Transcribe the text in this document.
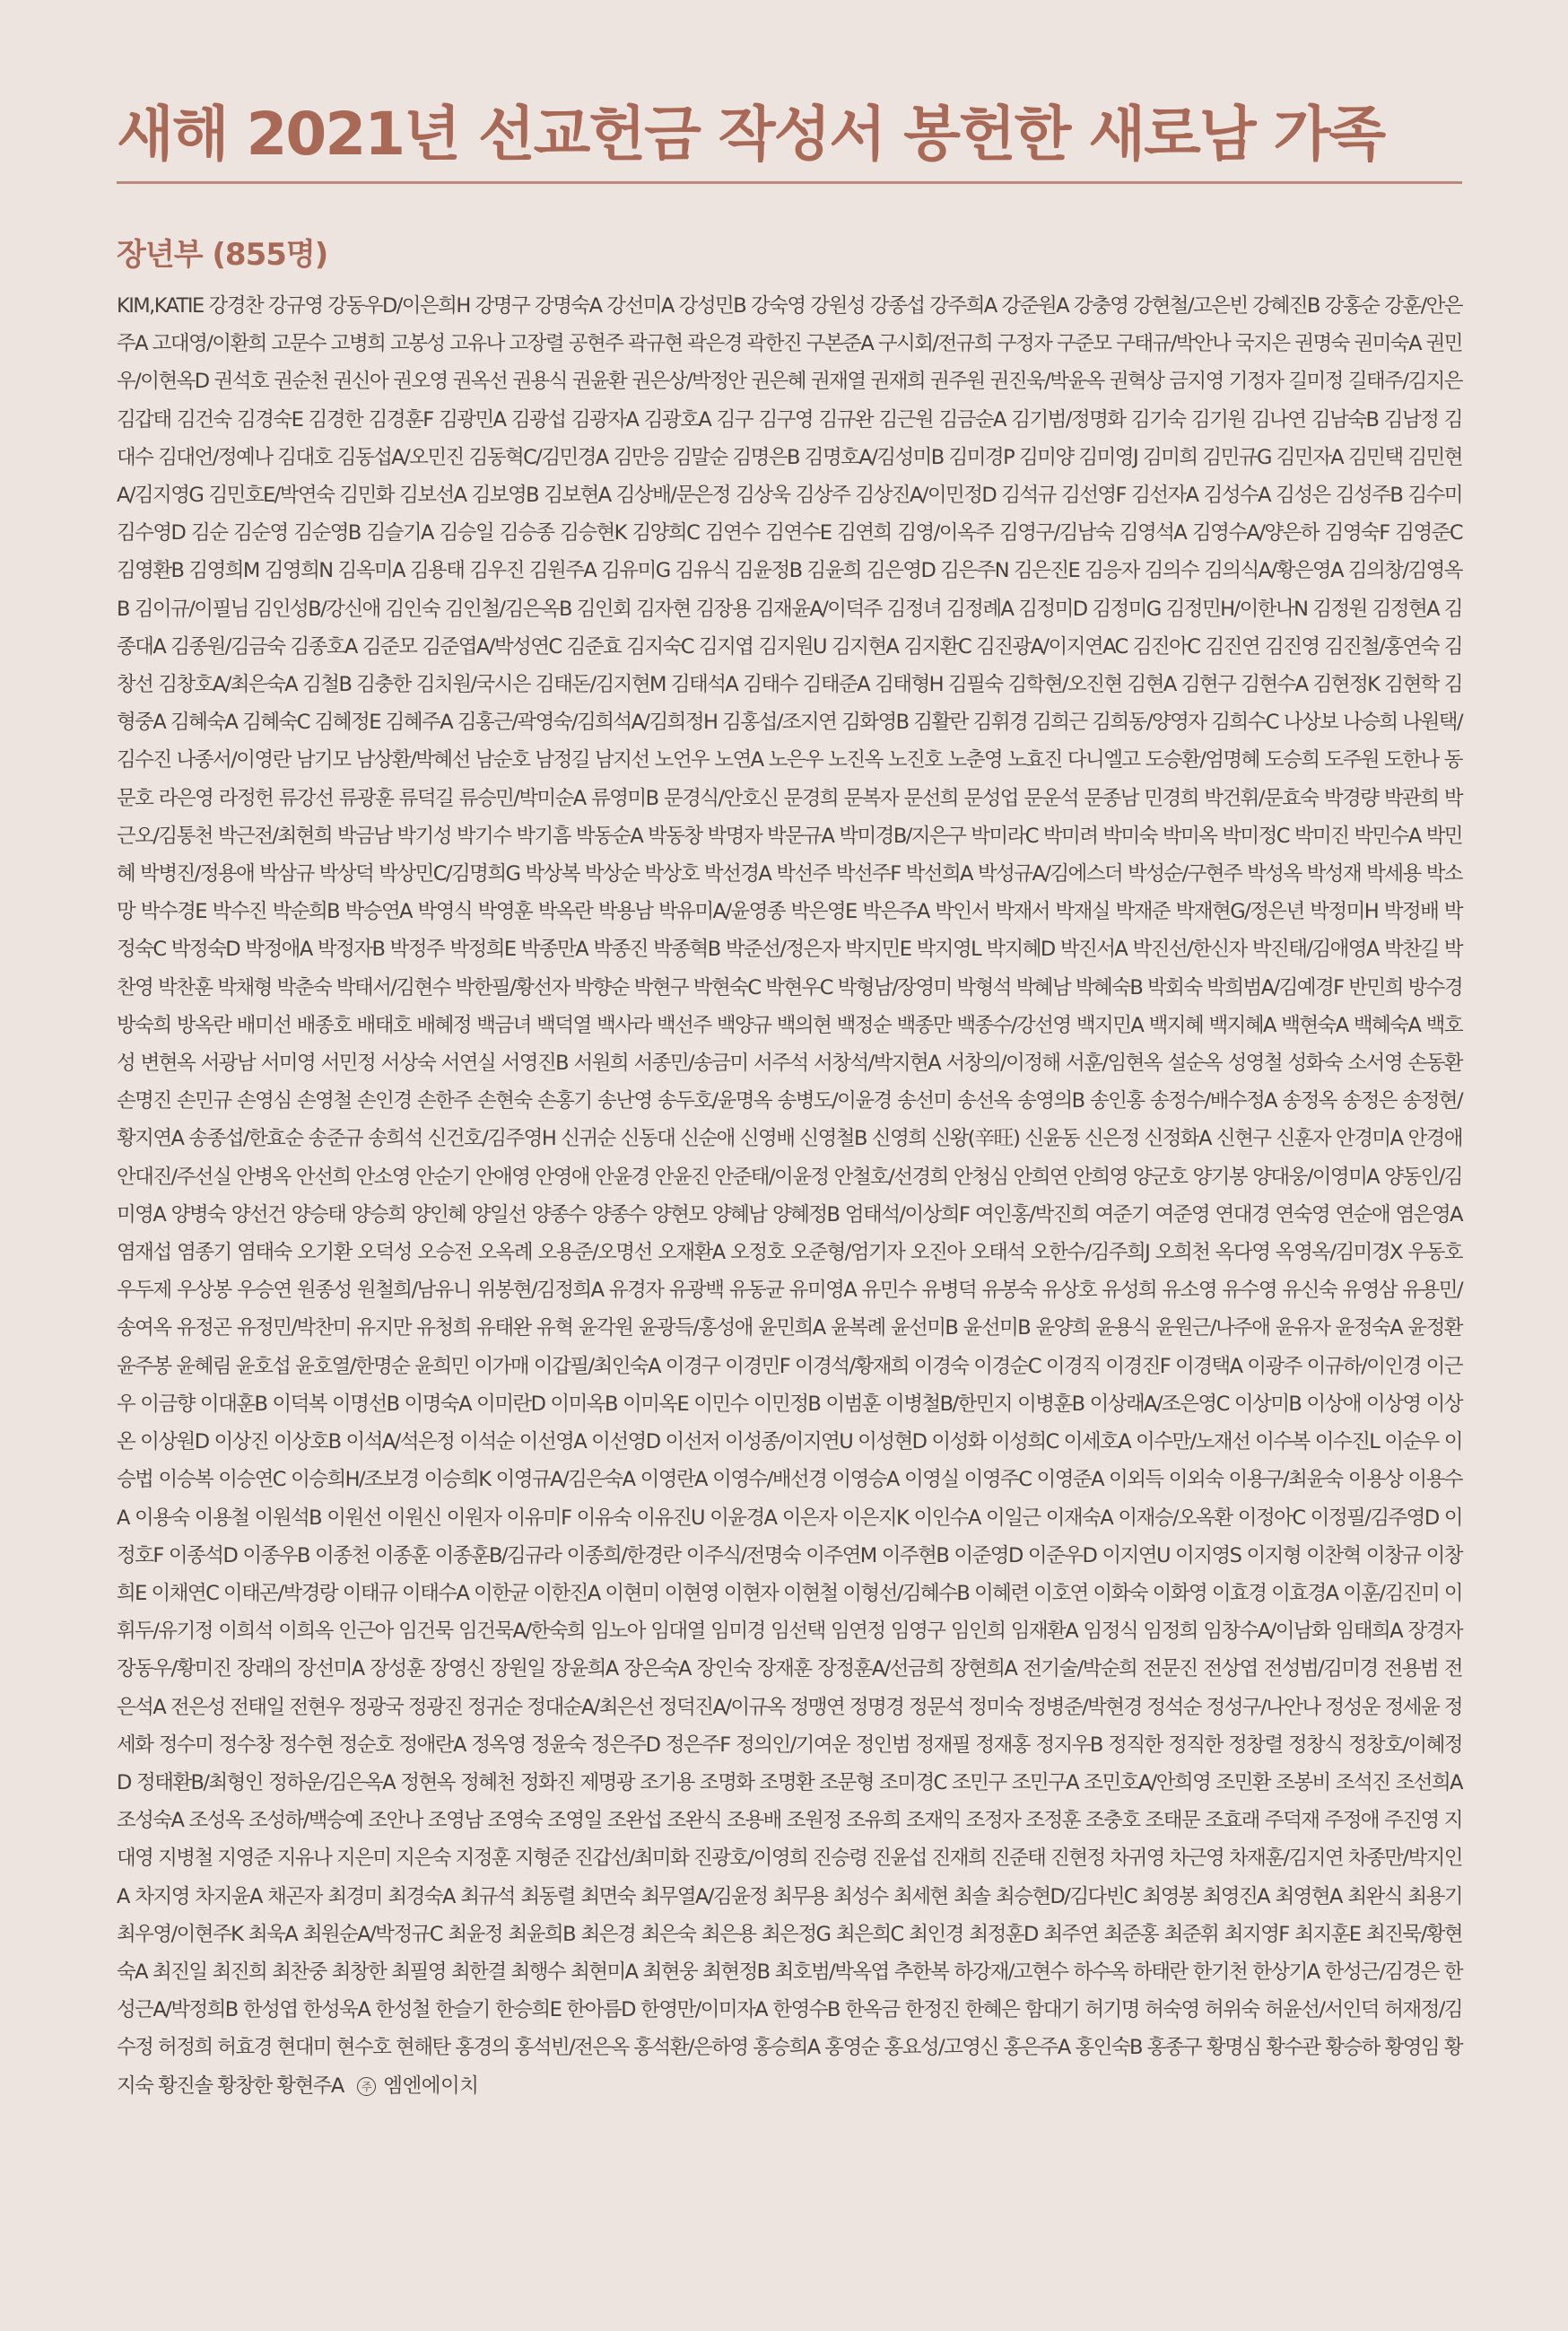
새해 2021년 선교헌금 작성서 봉헌한 새로남 가족
장년부 (855명)

KIM,KATIE 강경찬 강규영 강동우D/이은희H 강명구 강명숙A 강선미A 강성민B 강숙영 강원성 강종섭 강주희A 강준원A 강충영 강현철/고은빈 강혜진B 강홍순 강훈/안은주A 고대영/이환희 고문수 고병희 고봉성 고유나 고장렬 공현주 곽규현 곽은경 곽한진 구본준A 구시회/전규희 구정자 구준모 구태규/박안나 국지은 권명숙 권미숙A 권민우/이현옥D 권석호 권순천 권신아 권오영 권옥선 권용식 권윤환 권은상/박정안 권은혜 권재열 권재희 권주원 권진욱/박윤옥 권혁상 금지영 기정자 길미정 길태주/김지은 김갑태 김건숙 김경숙E 김경한 김경훈F 김광민A 김광섭 김광자A 김광호A 김구 김구영 김규완 김근원 김금순A 김기범/정명화 김기숙 김기원 김나연 김남숙B 김남정 김대수 김대언/정예나 김대호 김동섭A/오민진 김동혁C/김민경A 김만응 김말순 김명은B 김명호A/김성미B 김미경P 김미양 김미영J 김미희 김민규G 김민자A 김민택 김민현A/김지영G 김민호E/박연숙 김민화 김보선A 김보영B 김보현A 김상배/문은정 김상욱 김상주 김상진A/이민정D 김석규 김선영F 김선자A 김성수A 김성은 김성주B 김수미 김수영D 김순 김순영 김순영B 김슬기A 김승일 김승종 김승현K 김양희C 김연수 김연수E 김연희 김영/이옥주 김영구/김남숙 김영석A 김영수A/양은하 김영숙F 김영준C 김영환B 김영희M 김영희N 김옥미A 김용태 김우진 김원주A 김유미G 김유식 김윤정B 김윤희 김은영D 김은주N 김은진E 김응자 김의수 김의식A/황은영A 김의창/김영옥B 김이규/이필님 김인성B/강신애 김인숙 김인철/김은옥B 김인회 김자현 김장용 김재윤A/이덕주 김정녀 김정례A 김정미D 김정미G 김정민H/이한나N 김정원 김정현A 김종대A 김종원/김금숙 김종호A 김준모 김준엽A/박성연C 김준효 김지숙C 김지엽 김지원U 김지현A 김지환C 김진광A/이지연AC 김진아C 김진연 김진영 김진철/홍연숙 김창선 김창호A/최은숙A 김철B 김충한 김치원/국시은 김태돈/김지현M 김태석A 김태수 김태준A 김태형H 김필숙 김학현/오진현 김현A 김현구 김현수A 김현정K 김현학 김형중A 김혜숙A 김혜숙C 김혜정E 김혜주A 김홍근/곽영숙/김희석A/김희정H 김홍섭/조지연 김화영B 김활란 김휘경 김희근 김희동/양영자 김희수C 나상보 나승희 나원택/김수진 나종서/이영란 남기모 남상환/박혜선 남순호 남정길 남지선 노언우 노연A 노은우 노진옥 노진호 노춘영 노효진 다니엘고 도승환/엄명혜 도승희 도주원 도한나 동문호 라은영 라정헌 류강선 류광훈 류덕길 류승민/박미순A 류영미B 문경식/안호신 문경희 문복자 문선희 문성업 문운석 문종남 민경희 박건휘/문효숙 박경량 박관희 박근오/김통천 박근전/최현희 박금남 박기성 박기수 박기흠 박동순A 박동창 박명자 박문규A 박미경B/지은구 박미라C 박미려 박미숙 박미옥 박미정C 박미진 박민수A 박민혜 박병진/정용애 박삼규 박상덕 박상민C/김명희G 박상복 박상순 박상호 박선경A 박선주 박선주F 박선희A 박성규A/김에스더 박성순/구현주 박성옥 박성재 박세용 박소망 박수경E 박수진 박순희B 박승연A 박영식 박영훈 박옥란 박용남 박유미A/윤영종 박은영E 박은주A 박인서 박재서 박재실 박재준 박재현G/정은년 박정미H 박정배 박정숙C 박정숙D 박정애A 박정자B 박정주 박정희E 박종만A 박종진 박종혁B 박준선/정은자 박지민E 박지영L 박지혜D 박진서A 박진선/한신자 박진태/김애영A 박찬길 박찬영 박찬훈 박채형 박춘숙 박태서/김현수 박한필/황선자 박향순 박현구 박현숙C 박현우C 박형남/장영미 박형석 박혜남 박혜숙B 박회숙 박희범A/김예경F 반민희 방수경 방숙희 방옥란 배미선 배종호 배태호 배혜정 백금녀 백덕열 백사라 백선주 백양규 백의현 백정순 백종만 백종수/강선영 백지민A 백지혜 백지혜A 백현숙A 백혜숙A 백호성 변현옥 서광남 서미영 서민정 서상숙 서연실 서영진B 서원희 서종민/송금미 서주석 서창석/박지현A 서창의/이정해 서훈/임현옥 설순옥 성영철 성화숙 소서영 손동환 손명진 손민규 손영심 손영철 손인경 손한주 손현숙 손홍기 송난영 송두호/윤명옥 송병도/이윤경 송선미 송선옥 송영의B 송인홍 송정수/배수정A 송정옥 송정은 송정현/황지연A 송종섭/한효순 송준규 송희석 신건호/김주영H 신귀순 신동대 신순애 신영배 신영철B 신영희 신왕(辛旺) 신윤동 신은정 신정화A 신현구 신훈자 안경미A 안경애 안대진/주선실 안병옥 안선희 안소영 안순기 안애영 안영애 안윤경 안윤진 안준태/이윤정 안철호/선경희 안청심 안희연 안희영 양군호 양기봉 양대웅/이영미A 양동인/김미영A 양병숙 양선건 양승태 양승희 양인혜 양일선 양종수 양종수 양현모 양혜남 양혜정B 엄태석/이상희F 여인홍/박진희 여준기 여준영 연대경 연숙영 연순애 염은영A 염재섭 염종기 염태숙 오기환 오덕성 오승전 오옥례 오용준/오명선 오재환A 오정호 오준형/엄기자 오진아 오태석 오한수/김주희J 오희천 옥다영 옥영옥/김미경X 우동호 우두제 우상봉 우승연 원종성 원철희/남유니 위봉현/김정희A 유경자 유광백 유동균 유미영A 유민수 유병덕 유봉숙 유상호 유성희 유소영 유수영 유신숙 유영삼 유용민/송여옥 유정곤 유정민/박찬미 유지만 유청희 유태완 유혁 윤각원 윤광득/홍성애 윤민희A 윤복례 윤선미B 윤선미B 윤양희 윤용식 윤원근/나주애 윤유자 윤정숙A 윤정환 윤주봉 윤혜림 윤호섭 윤호열/한명순 윤희민 이가매 이갑필/최인숙A 이경구 이경민F 이경석/황재희 이경숙 이경순C 이경직 이경진F 이경택A 이광주 이규하/이인경 이근우 이금향 이대훈B 이덕복 이명선B 이명숙A 이미란D 이미옥B 이미옥E 이민수 이민정B 이범훈 이병철B/한민지 이병훈B 이상래A/조은영C 이상미B 이상애 이상영 이상온 이상원D 이상진 이상호B 이석A/석은정 이석순 이선영A 이선영D 이선저 이성종/이지연U 이성현D 이성화 이성희C 이세호A 이수만/노재선 이수복 이수진L 이순우 이승법 이승복 이승연C 이승희H/조보경 이승희K 이영규A/김은숙A 이영란A 이영수/배선경 이영승A 이영실 이영주C 이영준A 이외득 이외숙 이용구/최윤숙 이용상 이용수A 이용숙 이용철 이원석B 이원선 이원신 이원자 이유미F 이유숙 이유진U 이윤경A 이은자 이은지K 이인수A 이일근 이재숙A 이재승/오옥환 이정아C 이정필/김주영D 이정호F 이종석D 이종우B 이종천 이종훈 이종훈B/김규라 이종희/한경란 이주식/전명숙 이주연M 이주현B 이준영D 이준우D 이지연U 이지영S 이지형 이찬혁 이창규 이창희E 이채연C 이태곤/박경랑 이태규 이태수A 이한균 이한진A 이현미 이현영 이현자 이현철 이형선/김혜수B 이혜련 이호연 이화숙 이화영 이효경 이효경A 이훈/김진미 이휘두/유기정 이희석 이희옥 인근아 임건묵 임건묵A/한숙희 임노아 임대열 임미경 임선택 임연정 임영구 임인희 임재환A 임정식 임정희 임창수A/이남화 임태희A 장경자 장동우/황미진 장래의 장선미A 장성훈 장영신 장원일 장윤희A 장은숙A 장인숙 장재훈 장정훈A/선금희 장현희A 전기술/박순희 전문진 전상엽 전성범/김미경 전용범 전은석A 전은성 전태일 전현우 정광국 정광진 정귀순 정대순A/최은선 정덕진A/이규옥 정맹연 정명경 정문석 정미숙 정병준/박현경 정석순 정성구/나안나 정성운 정세윤 정세화 정수미 정수창 정수현 정순호 정애란A 정옥영 정윤숙 정은주D 정은주F 정의인/기여운 정인범 정재필 정재홍 정지우B 정직한 정직한 정창렬 정창식 정창호/이혜정D 정태환B/최형인 정하운/김은옥A 정현옥 정혜천 정화진 제명광 조기용 조명화 조명환 조문형 조미경C 조민구 조민구A 조민호A/안희영 조민환 조봉비 조석진 조선희A 조성숙A 조성옥 조성하/백승예 조안나 조영남 조영숙 조영일 조완섭 조완식 조용배 조원정 조유희 조재익 조정자 조정훈 조충호 조태문 조효래 주덕재 주정애 주진영 지대영 지병철 지영준 지유나 지은미 지은숙 지정훈 지형준 진갑선/최미화 진광호/이영희 진승령 진윤섭 진재희 진준태 진현정 차귀영 차근영 차재훈/김지연 차종만/박지인A 차지영 차지윤A 채곤자 최경미 최경숙A 최규석 최동렬 최면숙 최무열A/김윤정 최무용 최성수 최세현 최솔 최승현D/김다빈C 최영봉 최영진A 최영현A 최완식 최용기 최우영/이현주K 최욱A 최원순A/박정규C 최윤정 최윤희B 최은경 최은숙 최은용 최은정G 최은희C 최인경 최정훈D 최주연 최준홍 최준휘 최지영F 최지훈E 최진묵/황현숙A 최진일 최진희 최찬중 최창한 최필영 최한결 최행수 최현미A 최현웅 최현정B 최호범/박옥엽 추한복 하강재/고현수 하수옥 하태란 한기천 한상기A 한성근/김경은 한성근A/박정희B 한성엽 한성욱A 한성철 한슬기 한승희E 한아름D 한영만/이미자A 한영수B 한옥금 한정진 한혜은 함대기 허기명 허숙영 허위숙 허윤선/서인덕 허재정/김수정 허정희 허효경 현대미 현수호 현해탄 홍경의 홍석빈/전은옥 홍석환/은하영 홍승희A 홍영순 홍요성/고영신 홍은주A 홍인숙B 홍종구 황명심 황수관 황승하 황영임 황지숙 황진솔 황창한 황현주A 주 엠엔에이치
